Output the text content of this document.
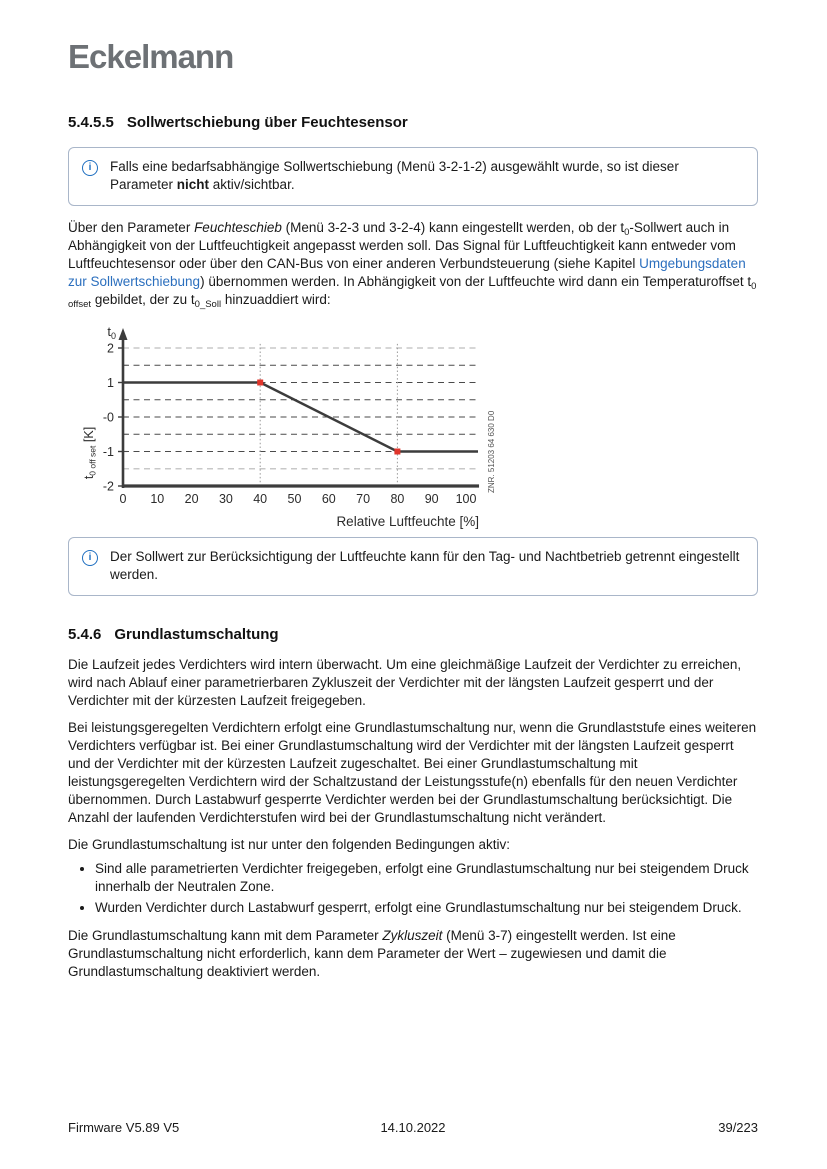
Eckelmann
5.4.5.5 Sollwertschiebung über Feuchtesensor
i	Falls eine bedarfsabhängige Sollwertschiebung (Menü 3-2-1-2) ausgewählt wurde, so ist dieser Parameter nicht aktiv/sichtbar.

Über den Parameter Feuchteschieb (Menü 3-2-3 und 3-2-4) kann eingestellt werden, ob der $t_0$-Sollwert auch in Abhängigkeit von der Luftfeuchtigkeit angepasst werden soll. Das Signal für Luftfeuchtigkeit kann entweder vom Luftfeuchtesensor oder über den CAN-Bus von einer anderen Verbundsteuerung (siehe Kapitel Umgebungsdaten zur Sollwertschiebung) übernommen werden. In Abhängigkeit von der Luftfeuchte wird dann ein Temperaturoffset $t_{0 offset}$ gebildet, der zu $t_{0\_Soll}$ hinzuaddiert wird:

2
1
-0
-1
-2
0 10 20 30 40 50 60 70 80 90 100
$t_0$
$t_{0 off set}$ [K]
Relative Luftfeuchte [%]
ZNR. 51203 64 630 D0
i	Der Sollwert zur Berücksichtigung der Luftfeuchte kann für den Tag- und Nachtbetrieb getrennt eingestellt werden.
5.4.6 Grundlastumschaltung

Die Laufzeit jedes Verdichters wird intern überwacht. Um eine gleichmäßige Laufzeit der Verdichter zu erreichen, wird nach Ablauf einer parametrierbaren Zykluszeit der Verdichter mit der längsten Laufzeit gesperrt und der Verdichter mit der kürzesten Laufzeit freigegeben.

Bei leistungsgeregelten Verdichtern erfolgt eine Grundlastumschaltung nur, wenn die Grundlaststufe eines weiteren Verdichters verfügbar ist. Bei einer Grundlastumschaltung wird der Verdichter mit der längsten Laufzeit gesperrt und der Verdichter mit der kürzesten Laufzeit zugeschaltet. Bei einer Grundlastumschaltung mit leistungsgeregelten Verdichtern wird der Schaltzustand der Leistungsstufe(n) ebenfalls für den neuen Verdichter übernommen. Durch Lastabwurf gesperrte Verdichter werden bei der Grundlastumschaltung berücksichtigt. Die Anzahl der laufenden Verdichterstufen wird bei der Grundlastumschaltung nicht verändert.

Die Grundlastumschaltung ist nur unter den folgenden Bedingungen aktiv:

• Sind alle parametrierten Verdichter freigegeben, erfolgt eine Grundlastumschaltung nur bei steigendem Druck innerhalb der Neutralen Zone.
• Wurden Verdichter durch Lastabwurf gesperrt, erfolgt eine Grundlastumschaltung nur bei steigendem Druck.

Die Grundlastumschaltung kann mit dem Parameter Zykluszeit (Menü 3-7) eingestellt werden. Ist eine Grundlastumschaltung nicht erforderlich, kann dem Parameter der Wert – zugewiesen und damit die Grundlastumschaltung deaktiviert werden.

Firmware V5.89 V5	14.10.2022	39/223
